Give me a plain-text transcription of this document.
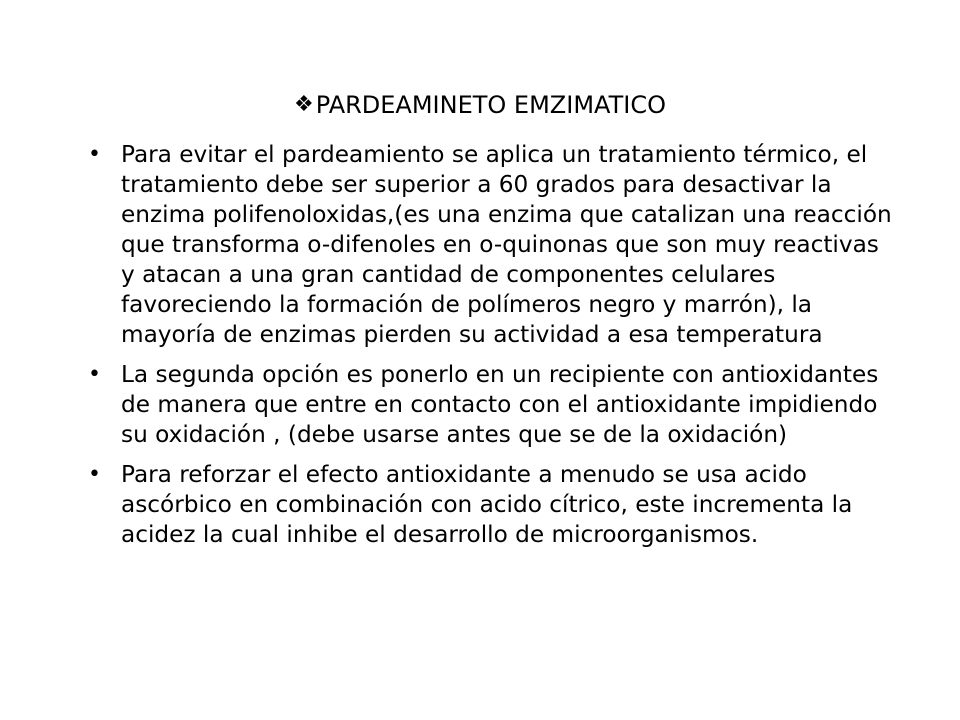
❖PARDEAMINETO EMZIMATICO
• Para evitar el pardeamiento se aplica un tratamiento térmico, el tratamiento debe ser superior a 60 grados para desactivar la enzima polifenoloxidas,(es una enzima que catalizan una reacción que transforma o-difenoles en o-quinonas que son muy reactivas y atacan a una gran cantidad de componentes celulares favoreciendo la formación de polímeros negro y marrón), la mayoría de enzimas pierden su actividad a esa temperatura
• La segunda opción es ponerlo en un recipiente con antioxidantes de manera que entre en contacto con el antioxidante impidiendo su oxidación , (debe usarse antes que se de la oxidación)
• Para reforzar el efecto antioxidante a menudo se usa acido ascórbico en combinación con acido cítrico, este incrementa la acidez la cual inhibe el desarrollo de microorganismos.
